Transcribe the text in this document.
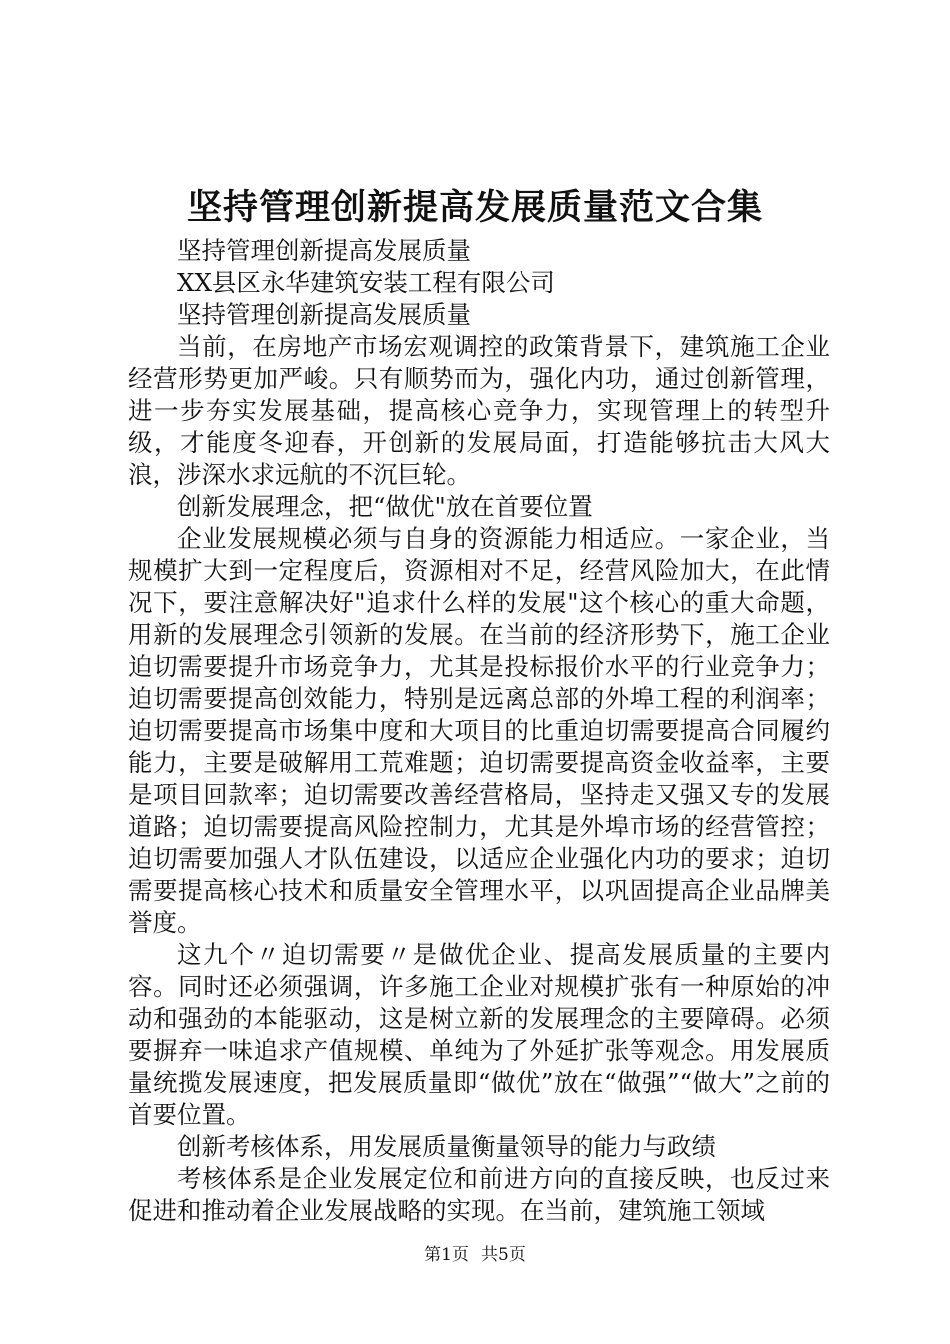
坚持管理创新提高发展质量范文合集

坚持管理创新提高发展质量

XX县区永华建筑安装工程有限公司

坚持管理创新提高发展质量

当前，在房地产市场宏观调控的政策背景下，建筑施工企业经营形势更加严峻。只有顺势而为，强化内功，通过创新管理，进一步夯实发展基础，提高核心竞争力，实现管理上的转型升级，才能度冬迎春，开创新的发展局面，打造能够抗击大风大浪，涉深水求远航的不沉巨轮。

创新发展理念，把“做优"放在首要位置

企业发展规模必须与自身的资源能力相适应。一家企业，当规模扩大到一定程度后，资源相对不足，经营风险加大，在此情况下，要注意解决好"追求什么样的发展"这个核心的重大命题，用新的发展理念引领新的发展。在当前的经济形势下，施工企业迫切需要提升市场竞争力，尤其是投标报价水平的行业竞争力；迫切需要提高创效能力，特别是远离总部的外埠工程的利润率；迫切需要提高市场集中度和大项目的比重迫切需要提高合同履约能力，主要是破解用工荒难题；迫切需要提高资金收益率，主要是项目回款率；迫切需要改善经营格局，坚持走又强又专的发展道路；迫切需要提高风险控制力，尤其是外埠市场的经营管控；迫切需要加强人才队伍建设，以适应企业强化内功的要求；迫切需要提高核心技术和质量安全管理水平，以巩固提高企业品牌美誉度。

这九个〃迫切需要〃是做优企业、提高发展质量的主要内容。同时还必须强调，许多施工企业对规模扩张有一种原始的冲动和强劲的本能驱动，这是树立新的发展理念的主要障碍。必须要摒弃一味追求产值规模、单纯为了外延扩张等观念。用发展质量统揽发展速度，把发展质量即“做优”放在“做强”“做大”之前的首要位置。

创新考核体系，用发展质量衡量领导的能力与政绩

考核体系是企业发展定位和前进方向的直接反映，也反过来促进和推动着企业发展战略的实现。在当前，建筑施工领域

第1页 共5页
